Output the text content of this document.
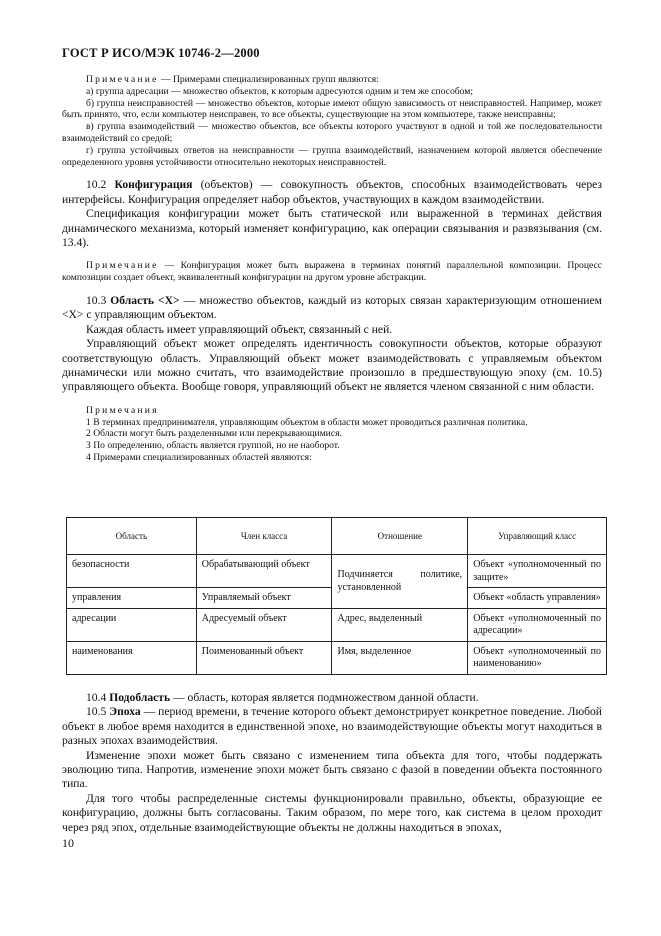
ГОСТ Р ИСО/МЭК 10746-2—2000

Примечание — Примерами специализированных групп являются:

а) группа адресации — множество объектов, к которым адресуются одним и тем же способом;

б) группа неисправностей — множество объектов, которые имеют общую зависимость от неисправностей. Например, может быть принято, что, если компьютер неисправен, то все объекты, существующие на этом компьютере, также неисправны;

в) группа взаимодействий — множество объектов, все объекты которого участвуют в одной и той же последовательности взаимодействий со средой;

г) группа устойчивых ответов на неисправности — группа взаимодействий, назначением которой является обеспечение определенного уровня устойчивости относительно некоторых неисправностей.

10.2 Конфигурация (объектов) — совокупность объектов, способных взаимодействовать через интерфейсы. Конфигурация определяет набор объектов, участвующих в каждом взаимодействии.

Спецификация конфигурации может быть статической или выраженной в терминах действия динамического механизма, который изменяет конфигурацию, как операции связывания и развязывания (см. 13.4).

Примечание — Конфигурация может быть выражена в терминах понятий параллельной композиции. Процесс композиции создает объект, эквивалентный конфигурации на другом уровне абстракции.

10.3 Область <X> — множество объектов, каждый из которых связан характеризующим отношением <X> с управляющим объектом.

Каждая область имеет управляющий объект, связанный с ней.

Управляющий объект может определять идентичность совокупности объектов, которые образуют соответствующую область. Управляющий объект может взаимодействовать с управляемым объектом динамически или можно считать, что взаимодействие произошло в предшествующую эпоху (см. 10.5) управляющего объекта. Вообще говоря, управляющий объект не является членом связанной с ним области.

Примечания

1 В терминах предпринимателя, управляющим объектом в области может проводиться различная политика.

2 Области могут быть разделенными или перекрывающимися.

3 По определению, область является группой, но не наоборот.

4 Примерами специализированных областей являются:

Область	Член класса	Отношение	Управляющий класс
безопасности	Обрабатывающий объект	Подчиняется политике, установленной	Объект «уполномоченный по защите»
управления	Управляемый объект		Объект «область управления»
адресации	Адресуемый объект	Адрес, выделенный	Объект «уполномоченный по адресации»
наименования	Поименованный объект	Имя, выделенное	Объект «уполномоченный по наименованию»

10.4 Подобласть — область, которая является подмножеством данной области.

10.5 Эпоха — период времени, в течение которого объект демонстрирует конкретное поведение. Любой объект в любое время находится в единственной эпохе, но взаимодействующие объекты могут находиться в разных эпохах взаимодействия.

Изменение эпохи может быть связано с изменением типа объекта для того, чтобы поддержать эволюцию типа. Напротив, изменение эпохи может быть связано с фазой в поведении объекта постоянного типа.

Для того чтобы распределенные системы функционировали правильно, объекты, образующие ее конфигурацию, должны быть согласованы. Таким образом, по мере того, как система в целом проходит через ряд эпох, отдельные взаимодействующие объекты не должны находиться в эпохах,

10
